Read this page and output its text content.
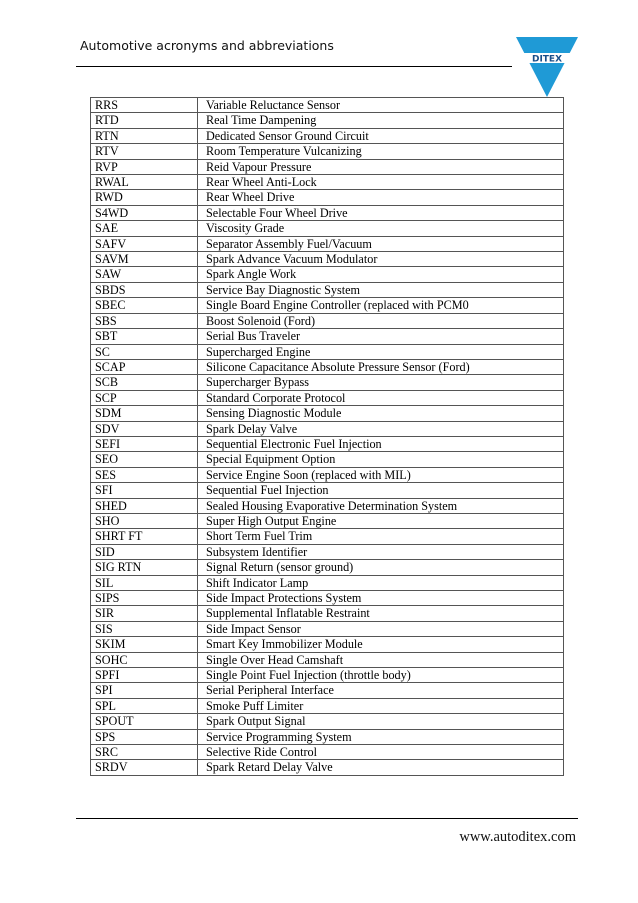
Automotive acronyms and abbreviations
DITEX
RRS	Variable Reluctance Sensor
RTD	Real Time Dampening
RTN	Dedicated Sensor Ground Circuit
RTV	Room Temperature Vulcanizing
RVP	Reid Vapour Pressure
RWAL	Rear Wheel Anti-Lock
RWD	Rear Wheel Drive
S4WD	Selectable Four Wheel Drive
SAE	Viscosity Grade
SAFV	Separator Assembly Fuel/Vacuum
SAVM	Spark Advance Vacuum Modulator
SAW	Spark Angle Work
SBDS	Service Bay Diagnostic System
SBEC	Single Board Engine Controller (replaced with PCM0
SBS	Boost Solenoid (Ford)
SBT	Serial Bus Traveler
SC	Supercharged Engine
SCAP	Silicone Capacitance Absolute Pressure Sensor (Ford)
SCB	Supercharger Bypass
SCP	Standard Corporate Protocol
SDM	Sensing Diagnostic Module
SDV	Spark Delay Valve
SEFI	Sequential Electronic Fuel Injection
SEO	Special Equipment Option
SES	Service Engine Soon (replaced with MIL)
SFI	Sequential Fuel Injection
SHED	Sealed Housing Evaporative Determination System
SHO	Super High Output Engine
SHRT FT	Short Term Fuel Trim
SID	Subsystem Identifier
SIG RTN	Signal Return (sensor ground)
SIL	Shift Indicator Lamp
SIPS	Side Impact Protections System
SIR	Supplemental Inflatable Restraint
SIS	Side Impact Sensor
SKIM	Smart Key Immobilizer Module
SOHC	Single Over Head Camshaft
SPFI	Single Point Fuel Injection (throttle body)
SPI	Serial Peripheral Interface
SPL	Smoke Puff Limiter
SPOUT	Spark Output Signal
SPS	Service Programming System
SRC	Selective Ride Control
SRDV	Spark Retard Delay Valve
www.autoditex.com
